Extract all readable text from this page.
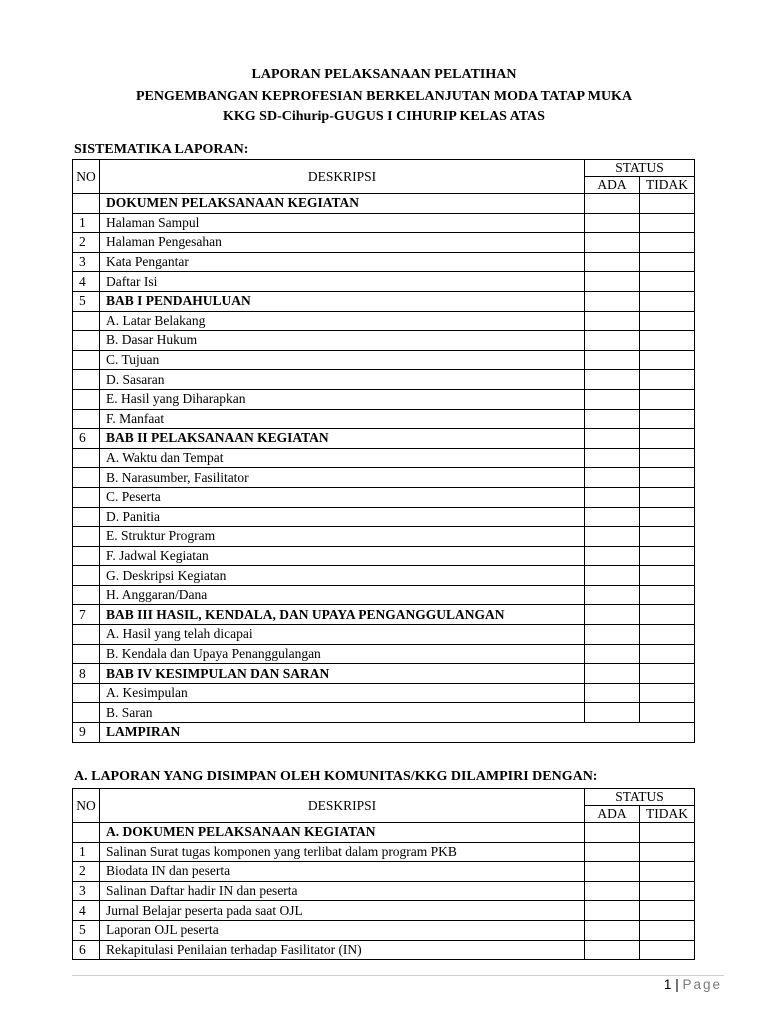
LAPORAN PELAKSANAAN PELATIHAN
PENGEMBANGAN KEPROFESIAN BERKELANJUTAN MODA TATAP MUKA
KKG SD-Cihurip-GUGUS I CIHURIP KELAS ATAS
SISTEMATIKA LAPORAN:
NO	DESKRIPSI	STATUS	
		ADA	TIDAK
	DOKUMEN PELAKSANAAN KEGIATAN		
1	Halaman Sampul		
2	Halaman Pengesahan		
3	Kata Pengantar		
4	Daftar Isi		
5	BAB I PENDAHULUAN		
	A. Latar Belakang		
	B. Dasar Hukum		
	C. Tujuan		
	D. Sasaran		
	E. Hasil yang Diharapkan		
	F. Manfaat		
6	BAB II PELAKSANAAN KEGIATAN		
	A. Waktu dan Tempat		
	B. Narasumber, Fasilitator		
	C. Peserta		
	D. Panitia		
	E. Struktur Program		
	F. Jadwal Kegiatan		
	G. Deskripsi Kegiatan		
	H. Anggaran/Dana		
7	BAB III HASIL, KENDALA, DAN UPAYA PENGANGGULANGAN		
	A. Hasil yang telah dicapai		
	B. Kendala dan Upaya Penanggulangan		
8	BAB IV KESIMPULAN DAN SARAN		
	A. Kesimpulan		
	B. Saran		
9	LAMPIRAN		
A. LAPORAN YANG DISIMPAN OLEH KOMUNITAS/KKG DILAMPIRI DENGAN:
NO	DESKRIPSI	STATUS	
		ADA	TIDAK
	A. DOKUMEN PELAKSANAAN KEGIATAN		
1	Salinan Surat tugas komponen yang terlibat dalam program PKB		
2	Biodata IN dan peserta		
3	Salinan Daftar hadir IN dan peserta		
4	Jurnal Belajar peserta pada saat OJL		
5	Laporan OJL peserta		
6	Rekapitulasi Penilaian terhadap Fasilitator (IN)		
1 | Page
